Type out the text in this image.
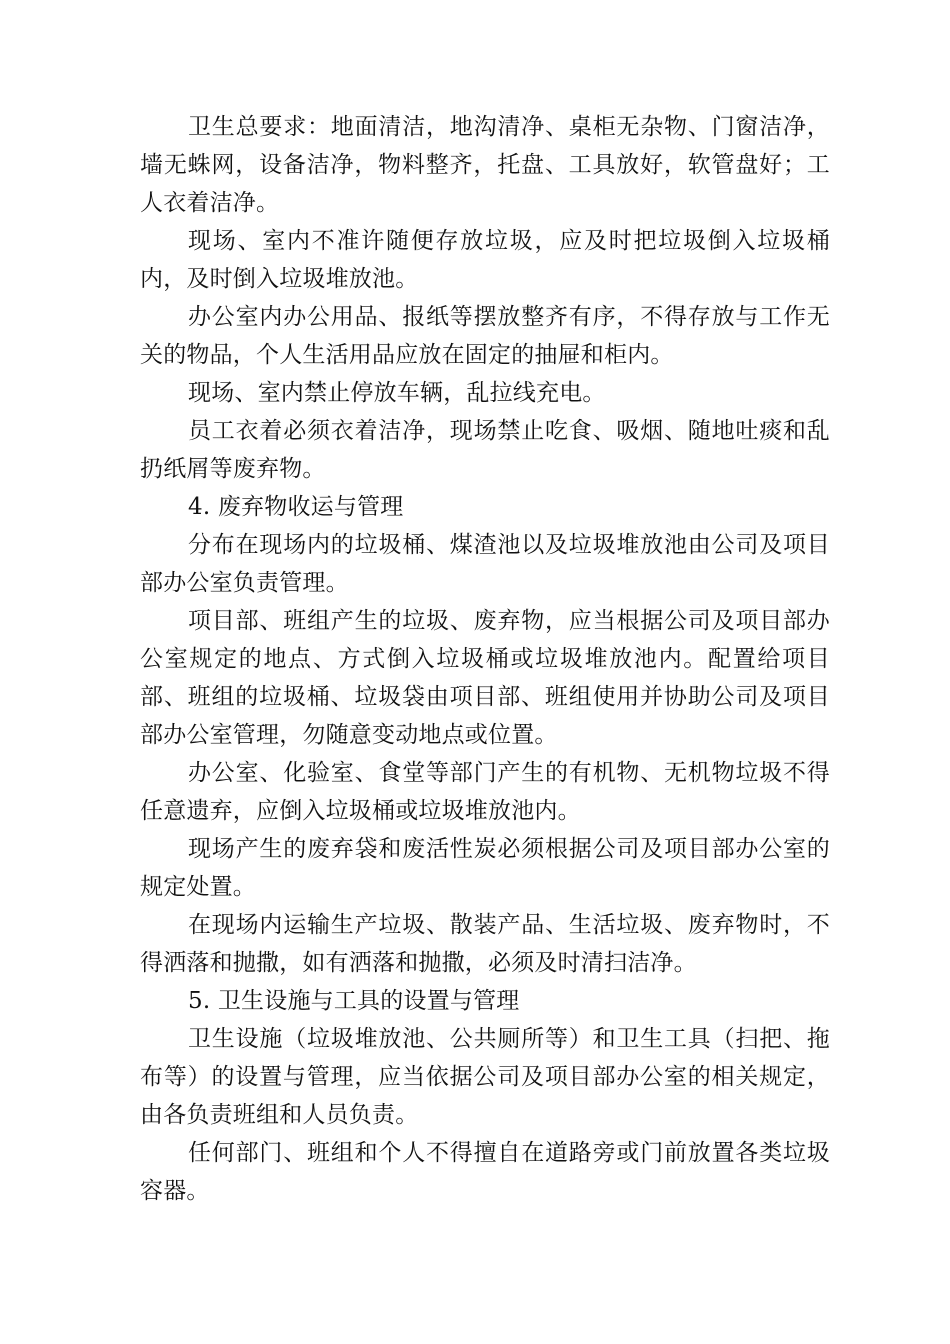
卫生总要求：地面清洁，地沟清净、桌柜无杂物、门窗洁净，墙无蛛网，设备洁净，物料整齐，托盘、工具放好，软管盘好；工人衣着洁净。

现场、室内不准许随便存放垃圾，应及时把垃圾倒入垃圾桶内，及时倒入垃圾堆放池。

办公室内办公用品、报纸等摆放整齐有序，不得存放与工作无关的物品，个人生活用品应放在固定的抽屉和柜内。

现场、室内禁止停放车辆，乱拉线充电。

员工衣着必须衣着洁净，现场禁止吃食、吸烟、随地吐痰和乱扔纸屑等废弃物。

4. 废弃物收运与管理

分布在现场内的垃圾桶、煤渣池以及垃圾堆放池由公司及项目部办公室负责管理。

项目部、班组产生的垃圾、废弃物，应当根据公司及项目部办公室规定的地点、方式倒入垃圾桶或垃圾堆放池内。配置给项目部、班组的垃圾桶、垃圾袋由项目部、班组使用并协助公司及项目部办公室管理，勿随意变动地点或位置。

办公室、化验室、食堂等部门产生的有机物、无机物垃圾不得任意遗弃，应倒入垃圾桶或垃圾堆放池内。

现场产生的废弃袋和废活性炭必须根据公司及项目部办公室的规定处置。

在现场内运输生产垃圾、散装产品、生活垃圾、废弃物时，不得洒落和抛撒，如有洒落和抛撒，必须及时清扫洁净。

5. 卫生设施与工具的设置与管理

卫生设施（垃圾堆放池、公共厕所等）和卫生工具（扫把、拖布等）的设置与管理，应当依据公司及项目部办公室的相关规定，由各负责班组和人员负责。

任何部门、班组和个人不得擅自在道路旁或门前放置各类垃圾容器。
